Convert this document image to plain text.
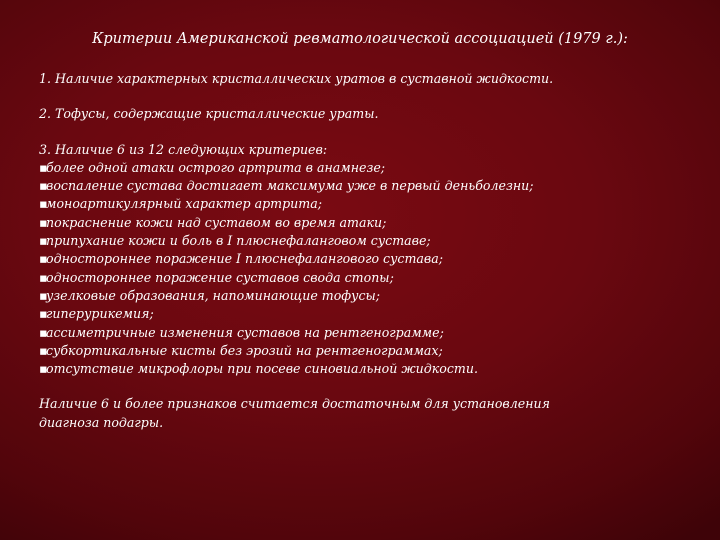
Критерии Американской ревматологической ассоциацией (1979 г.):

1. Наличие характерных кристаллических уратов в суставной жидкости.

2. Тофусы, содержащие кристаллические ураты.

3. Наличие 6 из 12 следующих критериев:

▪более одной атаки острого артрита в анамнезе;
▪воспаление сустава достигает максимума уже в первый деньболезни;
▪моноартикулярный характер артрита;
▪покраснение кожи над суставом во время атаки;
▪припухание кожи и боль в I плюснефаланговом суставе;
▪одностороннее поражение I плюснефалангового сустава;
▪одностороннее поражение суставов свода стопы;
▪узелковые образования, напоминающие тофусы;
▪гиперурикемия;
▪ассиметричные изменения суставов на рентгенограмме;
▪субкортикальные кисты без эрозий на рентгенограммах;
▪отсутствие микрофлоры при посеве синовиальной жидкости.

Наличие 6 и более признаков считается достаточным для установления

диагноза подагры.
